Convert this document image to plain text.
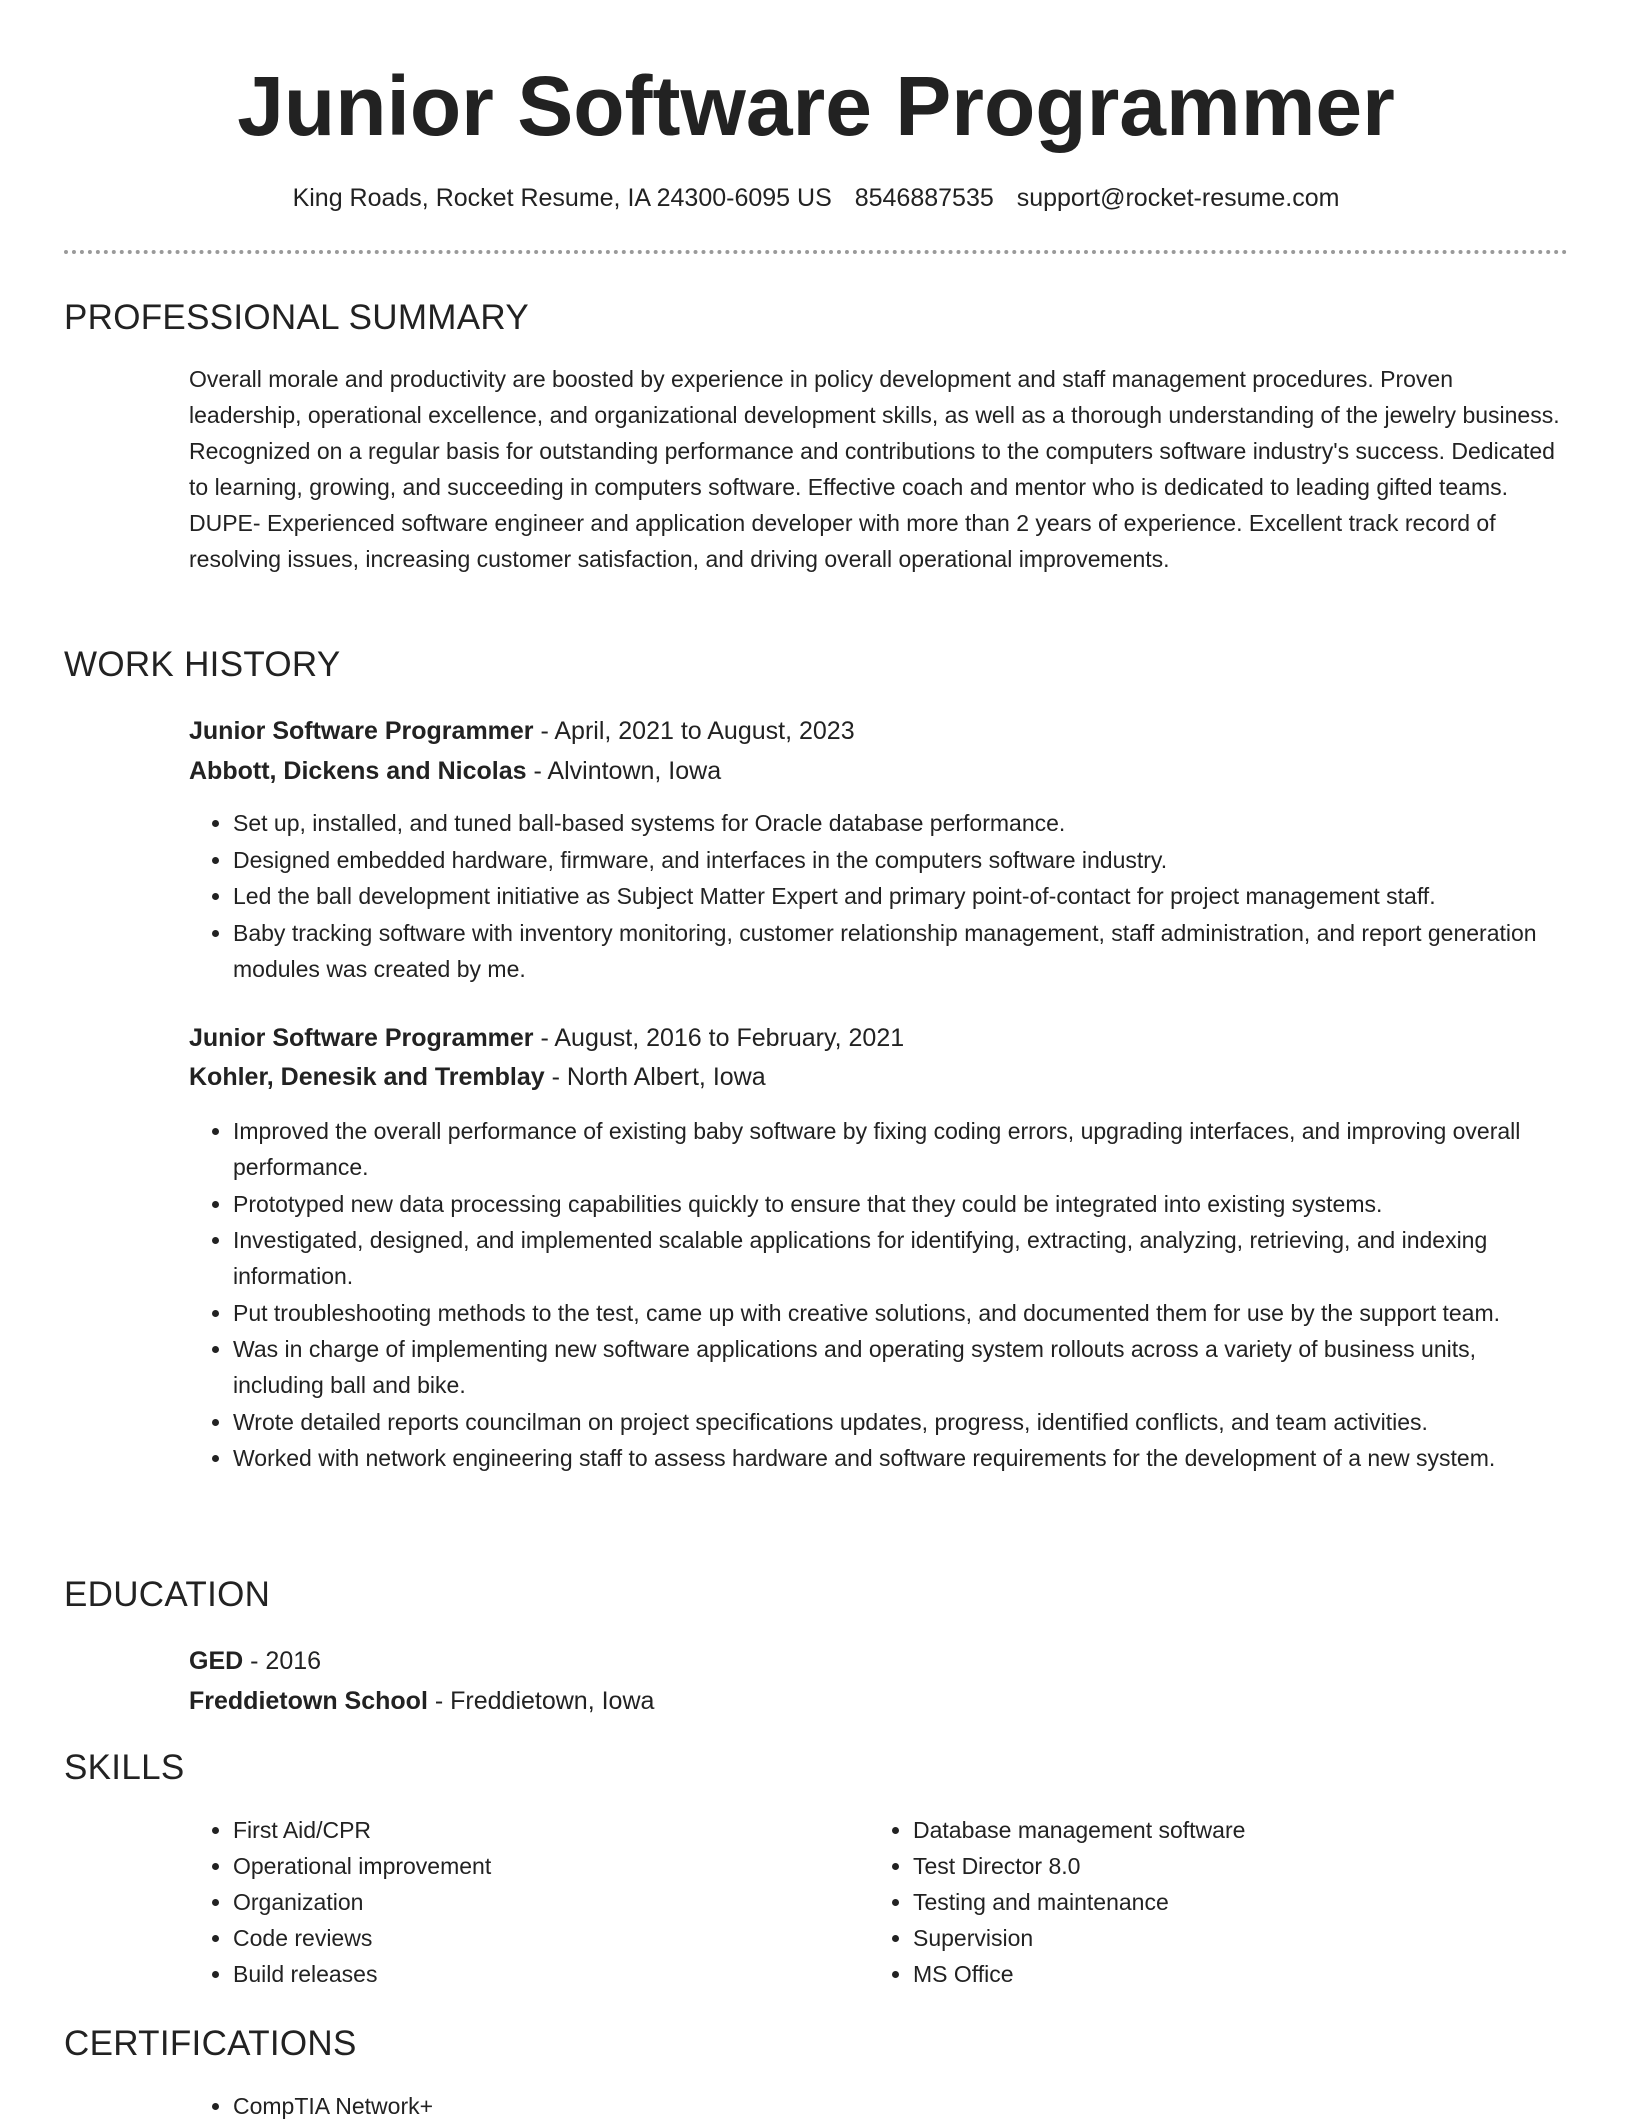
Junior Software Programmer
King Roads, Rocket Resume, IA 24300-6095 US 8546887535 support@rocket-resume.com
PROFESSIONAL SUMMARY

Overall morale and productivity are boosted by experience in policy development and staff management procedures. Proven leadership, operational excellence, and organizational development skills, as well as a thorough understanding of the jewelry business. Recognized on a regular basis for outstanding performance and contributions to the computers software industry's success. Dedicated to learning, growing, and succeeding in computers software. Effective coach and mentor who is dedicated to leading gifted teams. DUPE- Experienced software engineer and application developer with more than 2 years of experience. Excellent track record of resolving issues, increasing customer satisfaction, and driving overall operational improvements.

WORK HISTORY
Junior Software Programmer - April, 2021 to August, 2023
Abbott, Dickens and Nicolas - Alvintown, Iowa
• Set up, installed, and tuned ball-based systems for Oracle database performance.
• Designed embedded hardware, firmware, and interfaces in the computers software industry.
• Led the ball development initiative as Subject Matter Expert and primary point-of-contact for project management staff.
• Baby tracking software with inventory monitoring, customer relationship management, staff administration, and report generation modules was created by me.
Junior Software Programmer - August, 2016 to February, 2021
Kohler, Denesik and Tremblay - North Albert, Iowa
• Improved the overall performance of existing baby software by fixing coding errors, upgrading interfaces, and improving overall performance.
• Prototyped new data processing capabilities quickly to ensure that they could be integrated into existing systems.
• Investigated, designed, and implemented scalable applications for identifying, extracting, analyzing, retrieving, and indexing information.
• Put troubleshooting methods to the test, came up with creative solutions, and documented them for use by the support team.
• Was in charge of implementing new software applications and operating system rollouts across a variety of business units, including ball and bike.
• Wrote detailed reports councilman on project specifications updates, progress, identified conflicts, and team activities.
• Worked with network engineering staff to assess hardware and software requirements for the development of a new system.
EDUCATION
GED - 2016
Freddietown School - Freddietown, Iowa
SKILLS
• First Aid/CPR
• Operational improvement
• Organization
• Code reviews
• Build releases
• Database management software
• Test Director 8.0
• Testing and maintenance
• Supervision
• MS Office
CERTIFICATIONS
• CompTIA Network+
